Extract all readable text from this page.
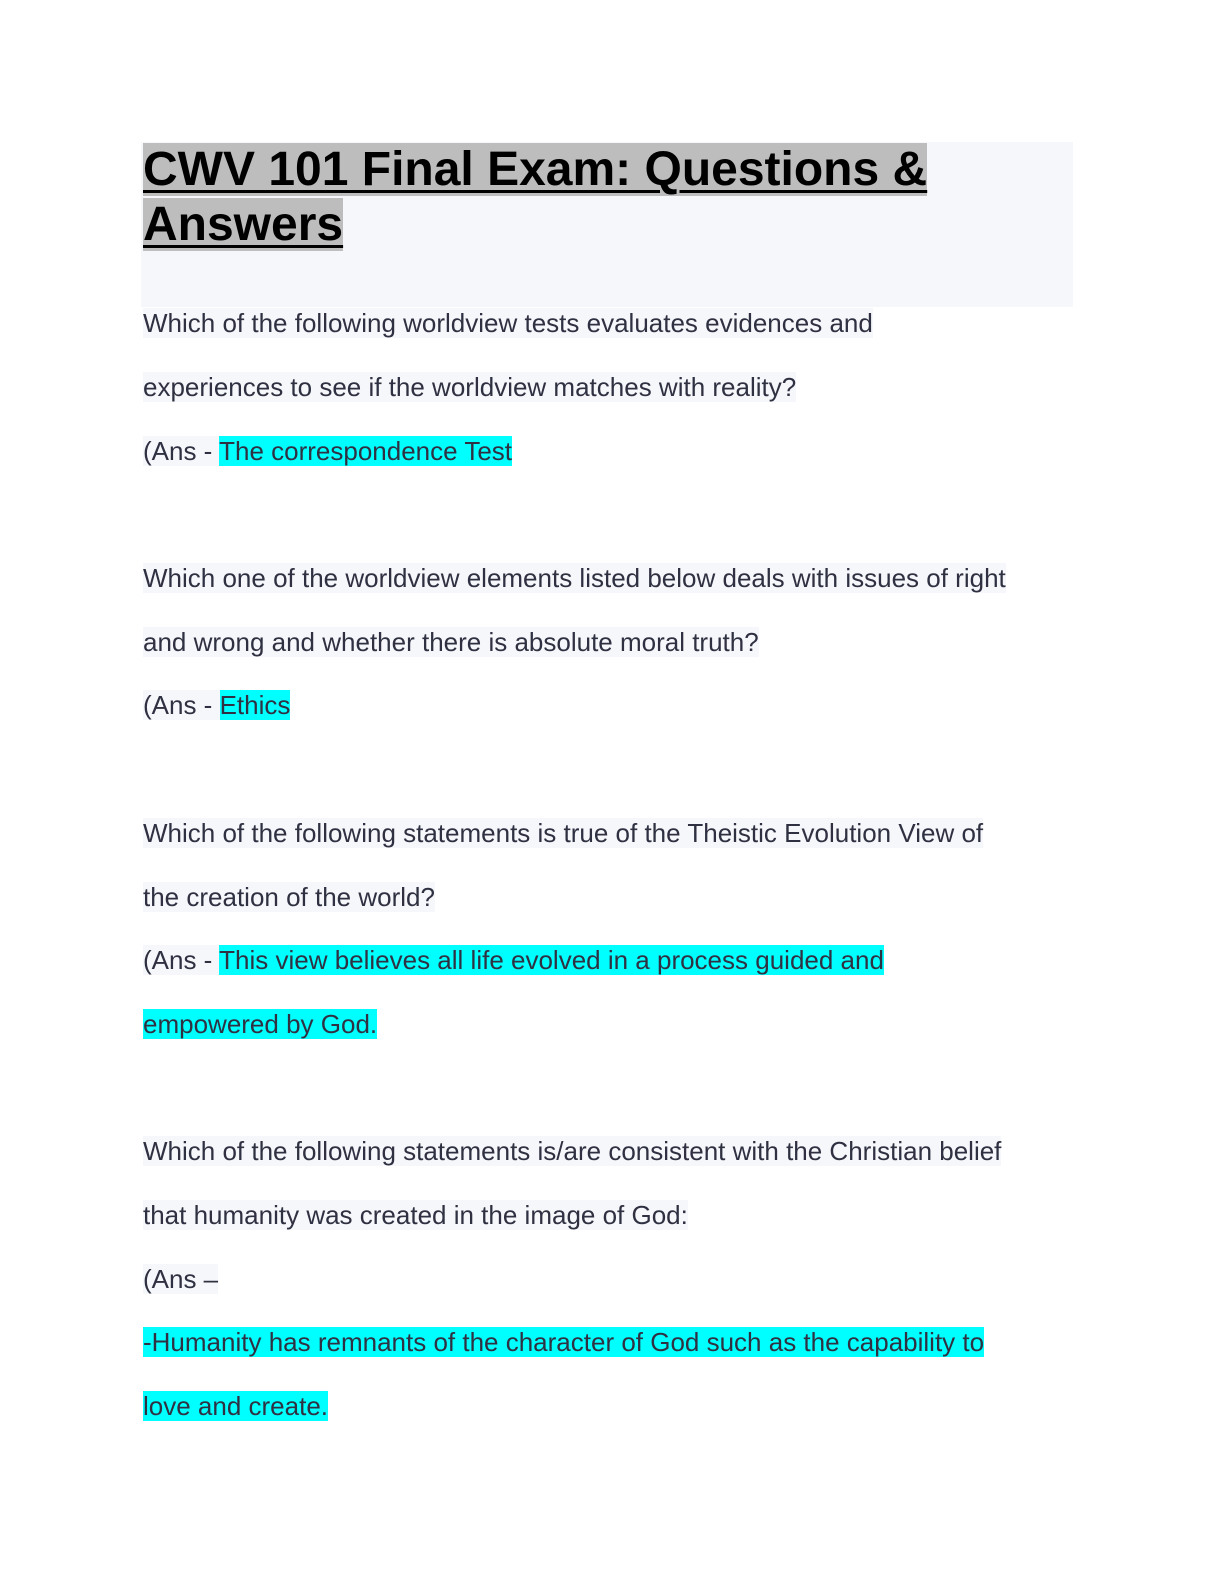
CWV 101 Final Exam: Questions & Answers
Which of the following worldview tests evaluates evidences and
experiences to see if the worldview matches with reality?
(Ans - The correspondence Test
Which one of the worldview elements listed below deals with issues of right
and wrong and whether there is absolute moral truth?
(Ans - Ethics
Which of the following statements is true of the Theistic Evolution View of
the creation of the world?
(Ans - This view believes all life evolved in a process guided and
empowered by God.
Which of the following statements is/are consistent with the Christian belief
that humanity was created in the image of God:
(Ans –
-Humanity has remnants of the character of God such as the capability to
love and create.
